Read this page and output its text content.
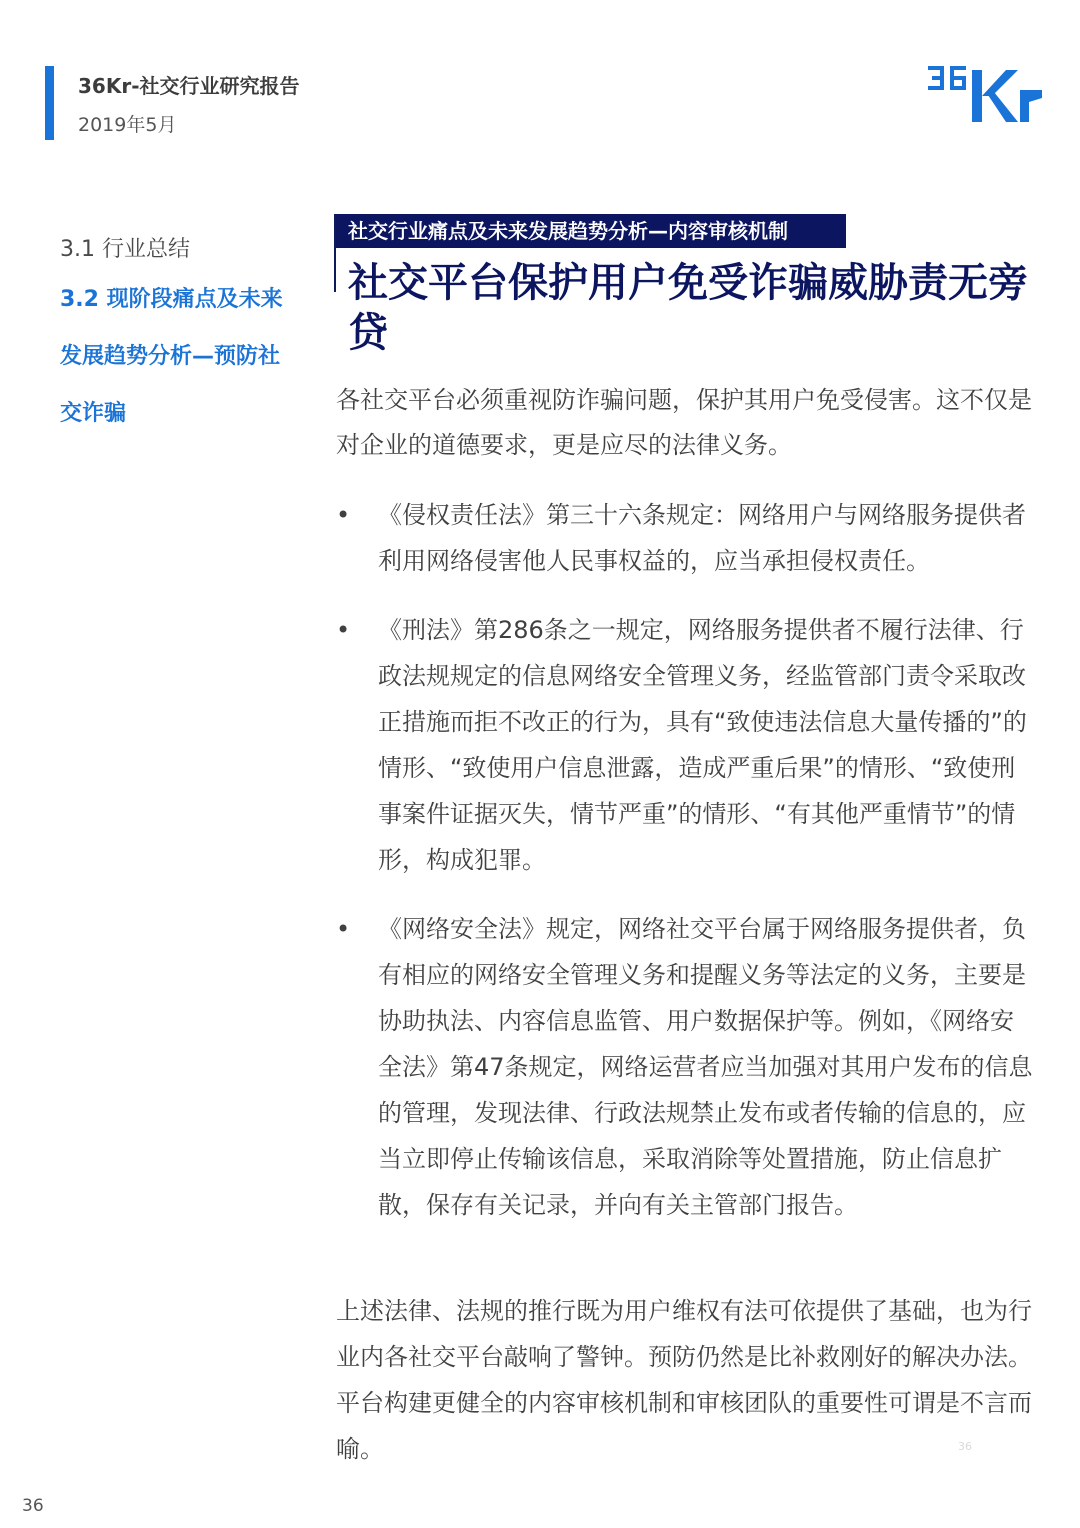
36Kr-社交行业研究报告
2019年5月
3.1 行业总结
3.2 现阶段痛点及未来
发展趋势分析—预防社
交诈骗
社交行业痛点及未来发展趋势分析—内容审核机制
社交平台保护用户免受诈骗威胁责无旁贷
各社交平台必须重视防诈骗问题，保护其用户免受侵害。这不仅是对企业的道德要求，更是应尽的法律义务。
• 《侵权责任法》第三十六条规定：网络用户与网络服务提供者利用网络侵害他人民事权益的，应当承担侵权责任。
• 《刑法》第286条之一规定，网络服务提供者不履行法律、行政法规规定的信息网络安全管理义务，经监管部门责令采取改正措施而拒不改正的行为，具有“致使违法信息大量传播的”的情形、“致使用户信息泄露，造成严重后果”的情形、“致使刑事案件证据灭失，情节严重”的情形、“有其他严重情节”的情形，构成犯罪。
• 《网络安全法》规定，网络社交平台属于网络服务提供者，负有相应的网络安全管理义务和提醒义务等法定的义务，主要是协助执法、内容信息监管、用户数据保护等。例如，《网络安全法》第47条规定，网络运营者应当加强对其用户发布的信息的管理，发现法律、行政法规禁止发布或者传输的信息的，应当立即停止传输该信息，采取消除等处置措施，防止信息扩散，保存有关记录，并向有关主管部门报告。
上述法律、法规的推行既为用户维权有法可依提供了基础，也为行业内各社交平台敲响了警钟。预防仍然是比补救刚好的解决办法。平台构建更健全的内容审核机制和审核团队的重要性可谓是不言而喻。	36
36
